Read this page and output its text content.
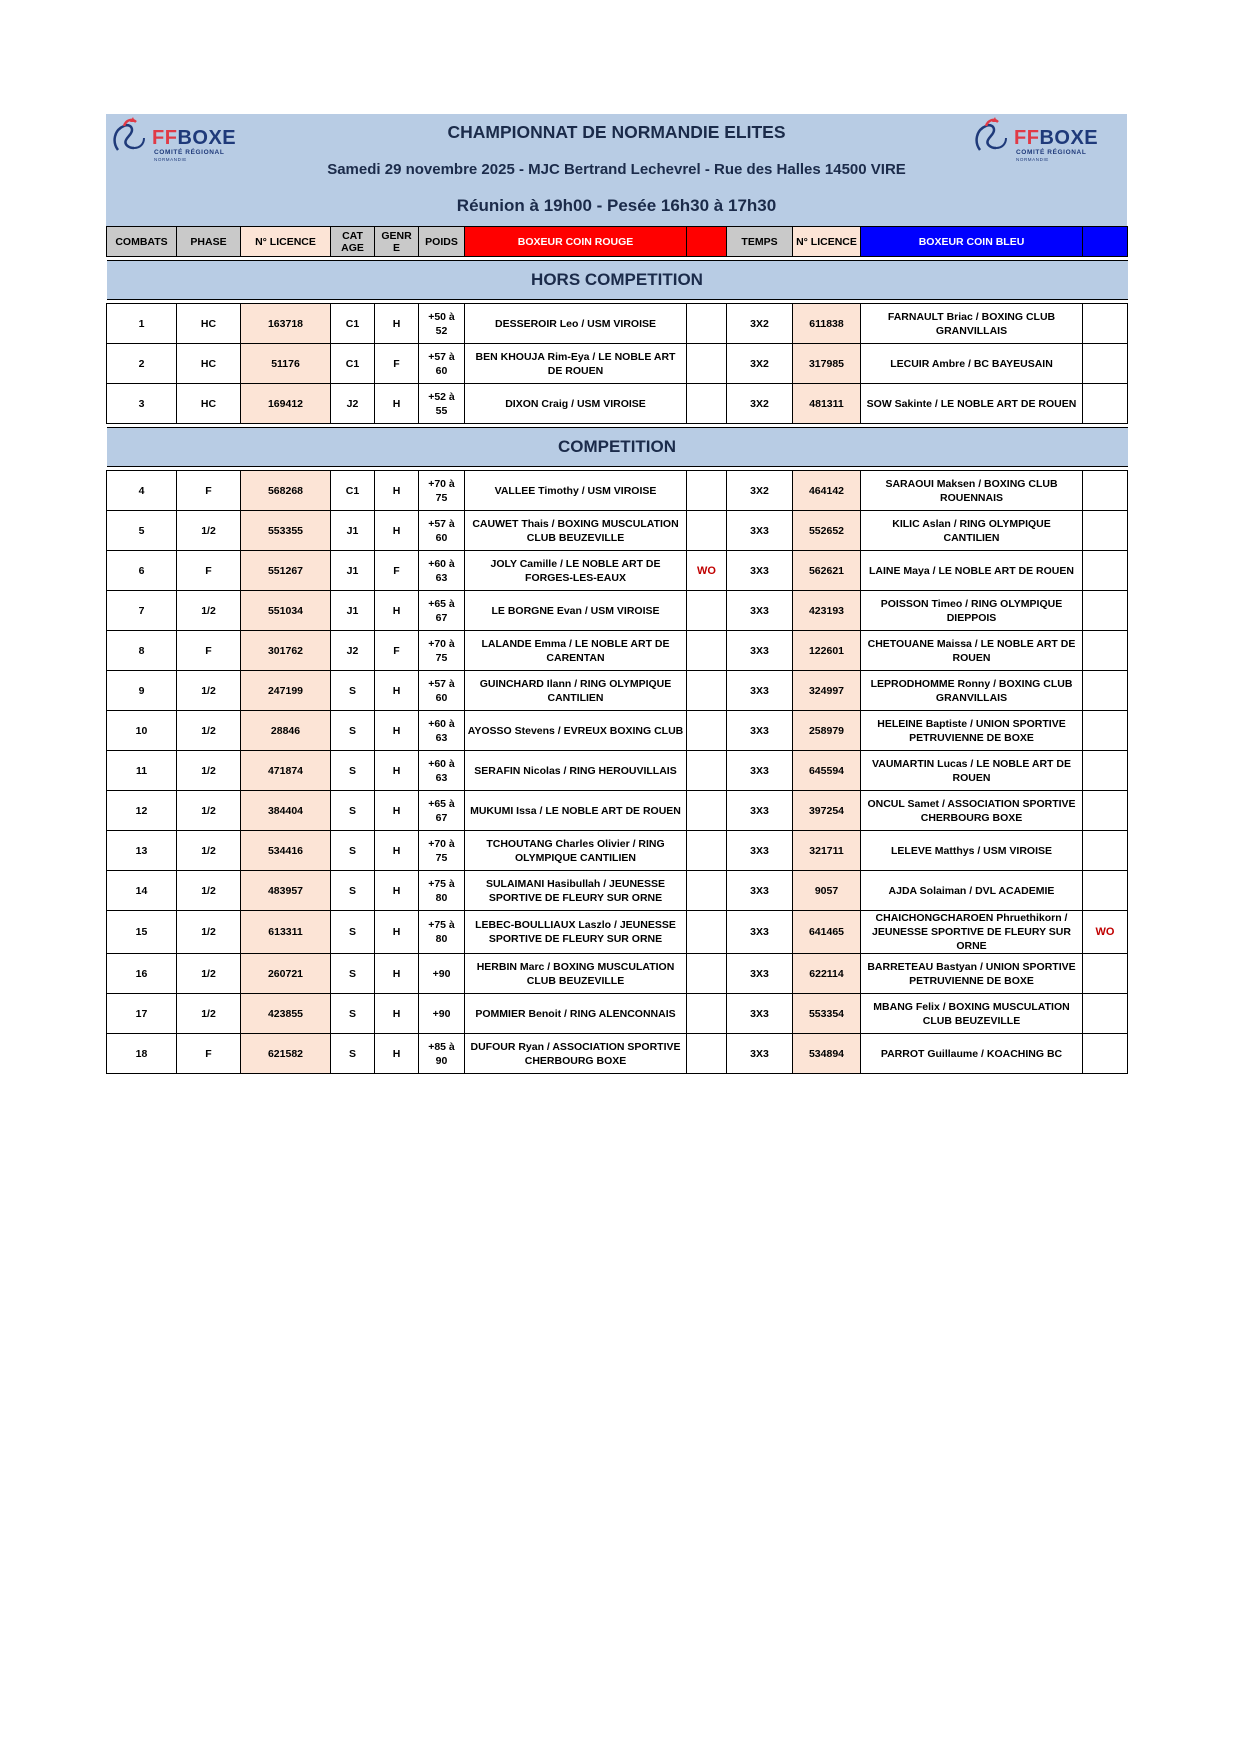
FFBOXE
COMITÉ RÉGIONAL
NORMANDIE
FFBOXE
COMITÉ RÉGIONAL
NORMANDIE
CHAMPIONNAT DE NORMANDIE ELITES
Samedi 29 novembre 2025 - MJC Bertrand Lechevrel - Rue des Halles 14500 VIRE
Réunion à 19h00 - Pesée 16h30 à 17h30
COMBATS	PHASE	N° LICENCE	CAT AGE	GENR E	POIDS	BOXEUR COIN ROUGE		TEMPS	N° LICENCE	BOXEUR COIN BLEU	

HORS COMPETITION											

1	HC	163718	C1	H	+50 à 52	DESSEROIR Leo / USM VIROISE		3X2	611838	FARNAULT Briac / BOXING CLUB GRANVILLAIS	
2	HC	51176	C1	F	+57 à 60	BEN KHOUJA Rim-Eya / LE NOBLE ART DE ROUEN		3X2	317985	LECUIR Ambre / BC BAYEUSAIN	
3	HC	169412	J2	H	+52 à 55	DIXON Craig / USM VIROISE		3X2	481311	SOW Sakinte / LE NOBLE ART DE ROUEN	

COMPETITION											

4	F	568268	C1	H	+70 à 75	VALLEE Timothy / USM VIROISE		3X2	464142	SARAOUI Maksen / BOXING CLUB ROUENNAIS	
5	1/2	553355	J1	H	+57 à 60	CAUWET Thais / BOXING MUSCULATION CLUB BEUZEVILLE		3X3	552652	KILIC Aslan / RING OLYMPIQUE CANTILIEN	
6	F	551267	J1	F	+60 à 63	JOLY Camille / LE NOBLE ART DE FORGES-LES-EAUX	WO	3X3	562621	LAINE Maya / LE NOBLE ART DE ROUEN	
7	1/2	551034	J1	H	+65 à 67	LE BORGNE Evan / USM VIROISE		3X3	423193	POISSON Timeo / RING OLYMPIQUE DIEPPOIS	
8	F	301762	J2	F	+70 à 75	LALANDE Emma / LE NOBLE ART DE CARENTAN		3X3	122601	CHETOUANE Maissa / LE NOBLE ART DE ROUEN	
9	1/2	247199	S	H	+57 à 60	GUINCHARD Ilann / RING OLYMPIQUE CANTILIEN		3X3	324997	LEPRODHOMME Ronny / BOXING CLUB GRANVILLAIS	
10	1/2	28846	S	H	+60 à 63	AYOSSO Stevens / EVREUX BOXING CLUB		3X3	258979	HELEINE Baptiste / UNION SPORTIVE PETRUVIENNE DE BOXE	
11	1/2	471874	S	H	+60 à 63	SERAFIN Nicolas / RING HEROUVILLAIS		3X3	645594	VAUMARTIN Lucas / LE NOBLE ART DE ROUEN	
12	1/2	384404	S	H	+65 à 67	MUKUMI Issa / LE NOBLE ART DE ROUEN		3X3	397254	ONCUL Samet / ASSOCIATION SPORTIVE CHERBOURG BOXE	
13	1/2	534416	S	H	+70 à 75	TCHOUTANG Charles Olivier / RING OLYMPIQUE CANTILIEN		3X3	321711	LELEVE Matthys / USM VIROISE	
14	1/2	483957	S	H	+75 à 80	SULAIMANI Hasibullah / JEUNESSE SPORTIVE DE FLEURY SUR ORNE		3X3	9057	AJDA Solaiman / DVL ACADEMIE	
15	1/2	613311	S	H	+75 à 80	LEBEC-BOULLIAUX Laszlo / JEUNESSE SPORTIVE DE FLEURY SUR ORNE		3X3	641465	CHAICHONGCHAROEN Phruethikorn / JEUNESSE SPORTIVE DE FLEURY SUR ORNE	WO
16	1/2	260721	S	H	+90	HERBIN Marc / BOXING MUSCULATION CLUB BEUZEVILLE		3X3	622114	BARRETEAU Bastyan / UNION SPORTIVE PETRUVIENNE DE BOXE	
17	1/2	423855	S	H	+90	POMMIER Benoit / RING ALENCONNAIS		3X3	553354	MBANG Felix / BOXING MUSCULATION CLUB BEUZEVILLE	
18	F	621582	S	H	+85 à 90	DUFOUR Ryan / ASSOCIATION SPORTIVE CHERBOURG BOXE		3X3	534894	PARROT Guillaume / KOACHING BC	
